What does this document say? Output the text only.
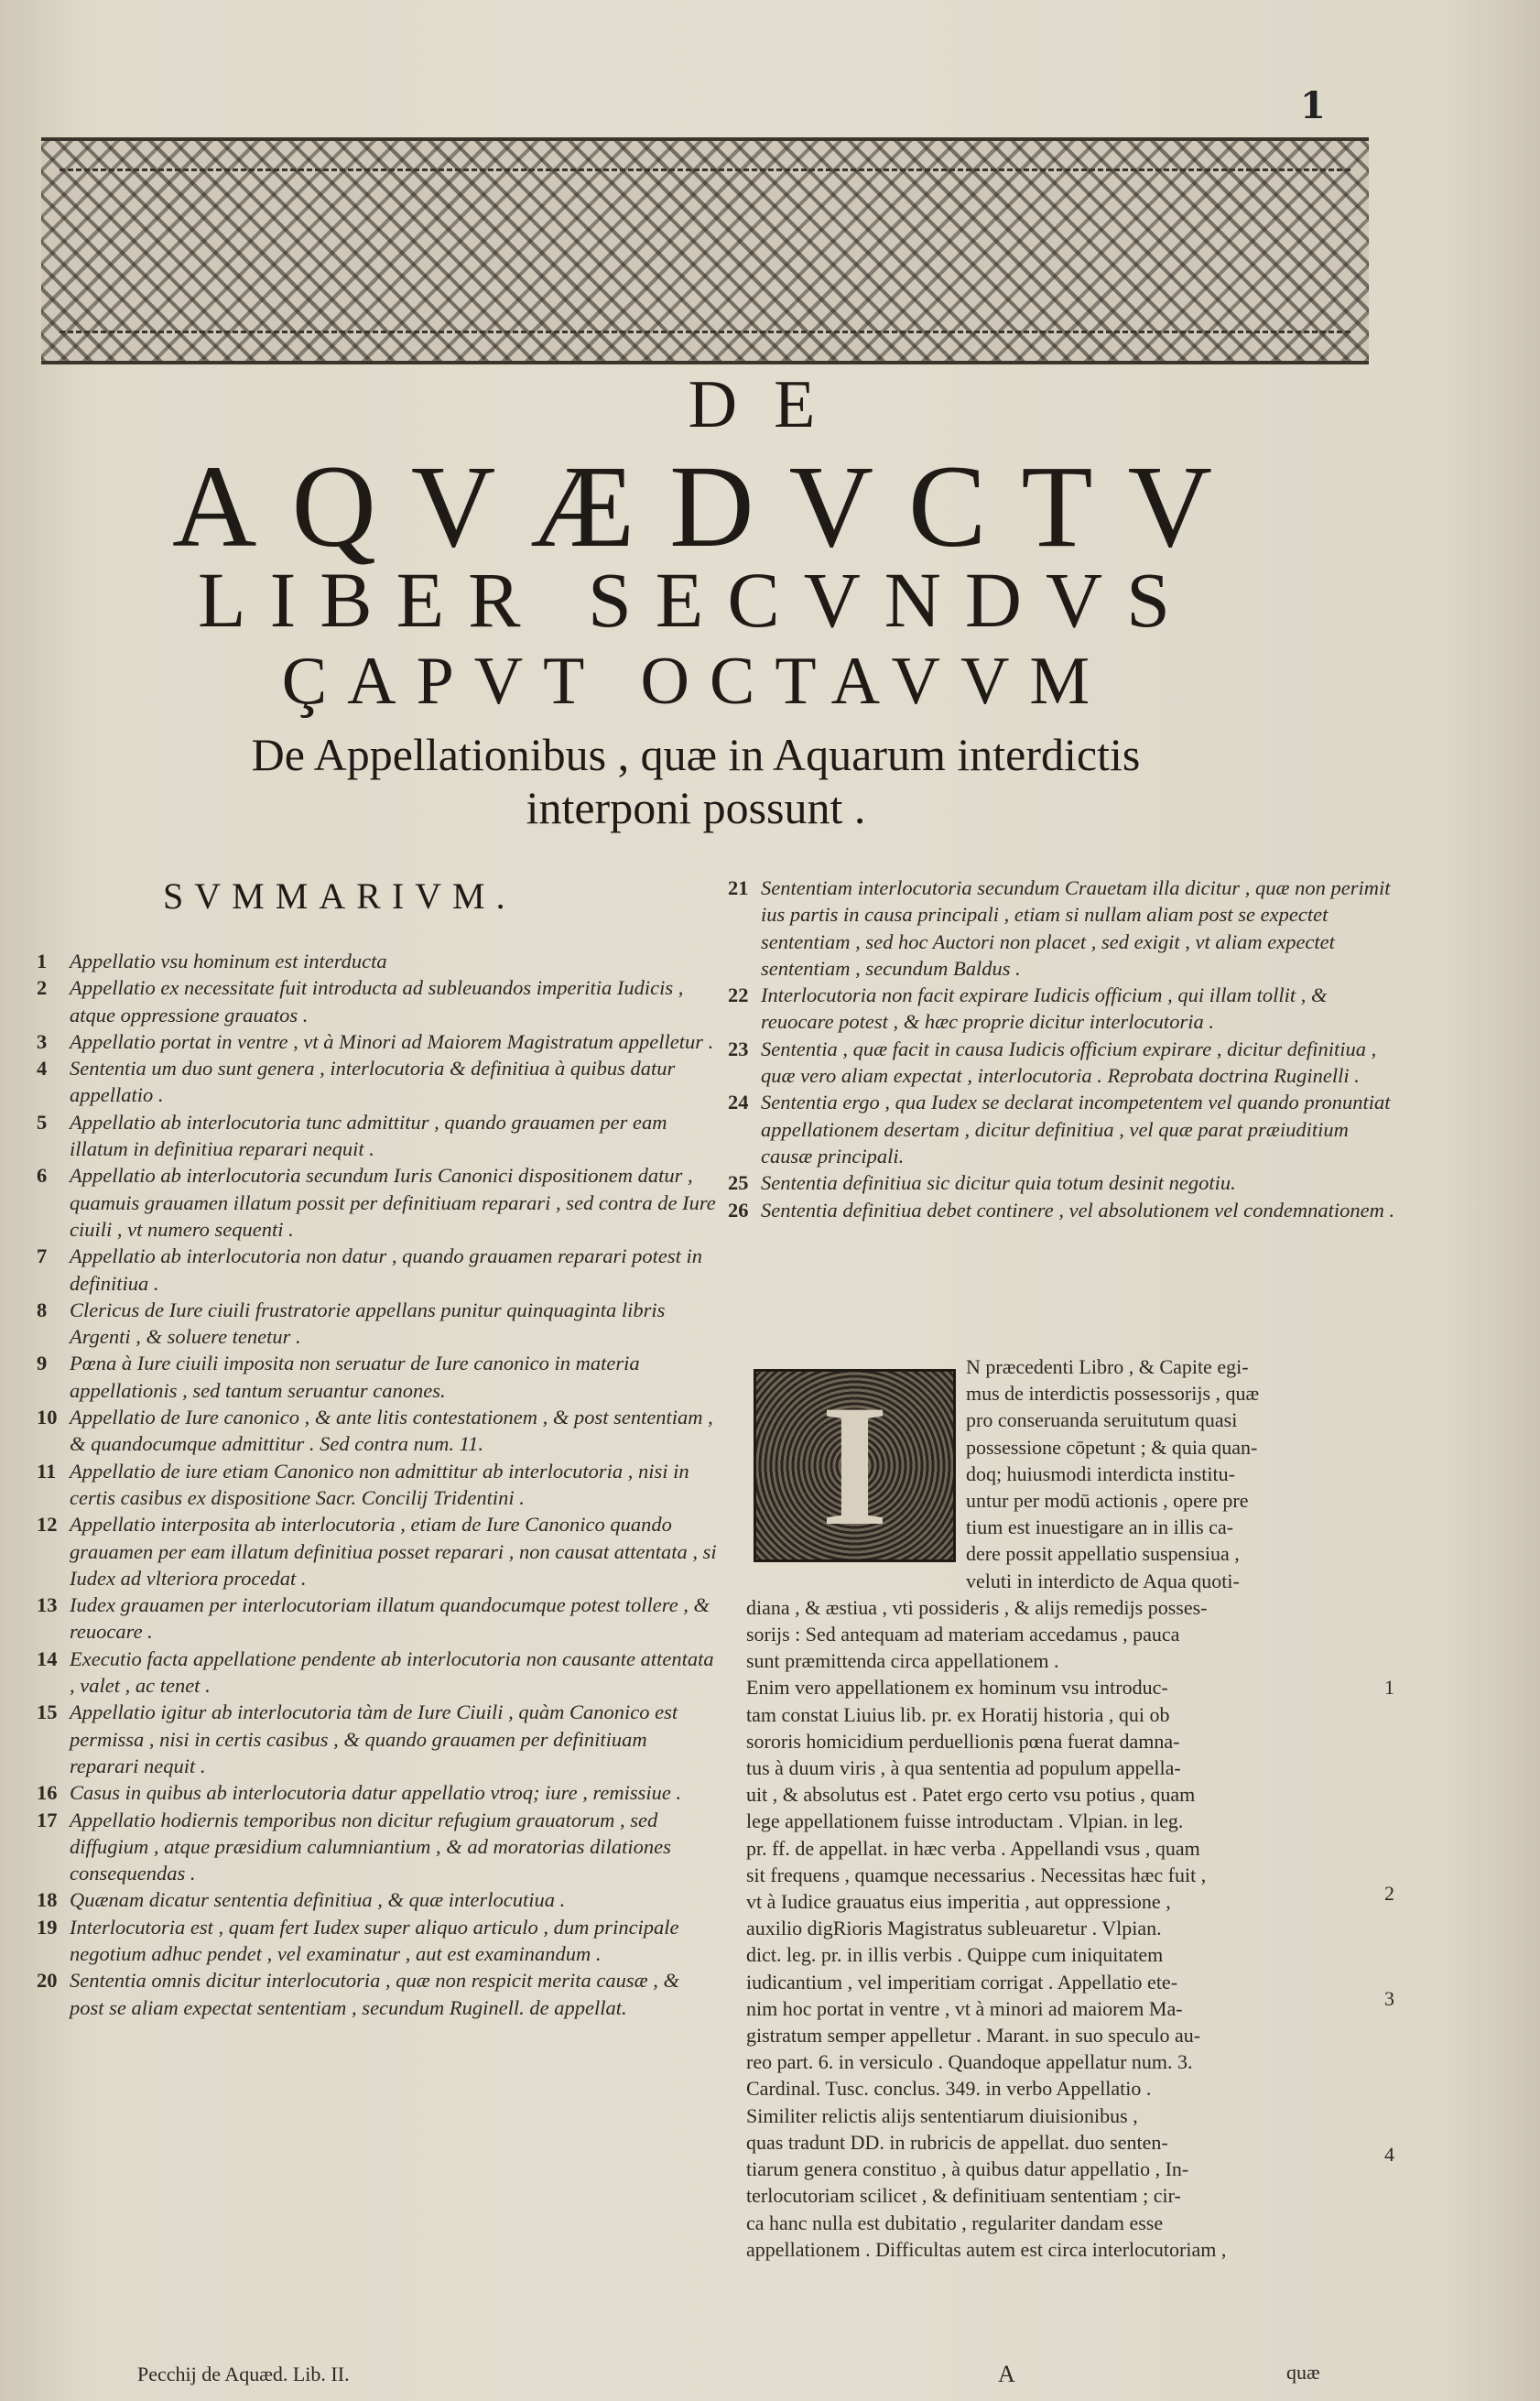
1
DE
AQVÆDVCTV
LIBER SECVNDVS
ÇAPVT OCTAVVM
De Appellationibus , quæ in Aquarum interdictis
interponi possunt .
SVMMARIVM.

1 Appellatio vsu hominum est interducta

2 Appellatio ex necessitate fuit introducta ad subleuandos imperitia Iudicis , atque oppressione grauatos .

3 Appellatio portat in ventre , vt à Minori ad Maiorem Magistratum appelletur .

4 Sententia um duo sunt genera , interlocutoria & definitiua à quibus datur appellatio .

5 Appellatio ab interlocutoria tunc admittitur , quando grauamen per eam illatum in definitiua reparari nequit .

6 Appellatio ab interlocutoria secundum Iuris Canonici dispositionem datur , quamuis grauamen illatum possit per definitiuam reparari , sed contra de Iure ciuili , vt numero sequenti .

7 Appellatio ab interlocutoria non datur , quando grauamen reparari potest in definitiua .

8 Clericus de Iure ciuili frustratorie appellans punitur quinquaginta libris Argenti , & soluere tenetur .

9 Pœna à Iure ciuili imposita non seruatur de Iure canonico in materia appellationis , sed tantum seruantur canones.

10 Appellatio de Iure canonico , & ante litis contestationem , & post sententiam , & quandocumque admittitur . Sed contra num. 11.

11 Appellatio de iure etiam Canonico non admittitur ab interlocutoria , nisi in certis casibus ex dispositione Sacr. Concilij Tridentini .

12 Appellatio interposita ab interlocutoria , etiam de Iure Canonico quando grauamen per eam illatum definitiua posset reparari , non causat attentata , si Iudex ad vlteriora procedat .

13 Iudex grauamen per interlocutoriam illatum quandocumque potest tollere , & reuocare .

14 Executio facta appellatione pendente ab interlocutoria non causante attentata , valet , ac tenet .

15 Appellatio igitur ab interlocutoria tàm de Iure Ciuili , quàm Canonico est permissa , nisi in certis casibus , & quando grauamen per definitiuam reparari nequit .

16 Casus in quibus ab interlocutoria datur appellatio vtroq; iure , remissiue .

17 Appellatio hodiernis temporibus non dicitur refugium grauatorum , sed diffugium , atque præsidium calumniantium , & ad moratorias dilationes consequendas .

18 Quænam dicatur sententia definitiua , & quæ interlocutiua .

19 Interlocutoria est , quam fert Iudex super aliquo articulo , dum principale negotium adhuc pendet , vel examinatur , aut est examinandum .

20 Sententia omnis dicitur interlocutoria , quæ non respicit merita causæ , & post se aliam expectat sententiam , secundum Ruginell. de appellat.

21 Sententiam interlocutoria secundum Crauetam illa dicitur , quæ non perimit ius partis in causa principali , etiam si nullam aliam post se expectet sententiam , sed hoc Auctori non placet , sed exigit , vt aliam expectet sententiam , secundum Baldus .

22 Interlocutoria non facit expirare Iudicis officium , qui illam tollit , & reuocare potest , & hæc proprie dicitur interlocutoria .

23 Sententia , quæ facit in causa Iudicis officium expirare , dicitur definitiua , quæ vero aliam expectat , interlocutoria . Reprobata doctrina Ruginelli .

24 Sententia ergo , qua Iudex se declarat incompetentem vel quando pronuntiat appellationem desertam , dicitur definitiua , vel quæ parat præiuditium causæ principali.

25 Sententia definitiua sic dicitur quia totum desinit negotiu.

26 Sententia definitiua debet continere , vel absolutionem vel condemnationem .

I
N præcedenti Libro , & Capite egi-
mus de interdictis possessorijs , quæ
pro conseruanda seruitutum quasi
possessione cōpetunt ; & quia quan-
doq; huiusmodi interdicta institu-
untur per modū actionis , opere pre
tium est inuestigare an in illis ca-
dere possit appellatio suspensiua ,
veluti in interdicto de Aqua quoti-
diana , & æstiua , vti possideris , & alijs remedijs posses-
sorijs : Sed antequam ad materiam accedamus , pauca
sunt præmittenda circa appellationem .
Enim vero appellationem ex hominum vsu introduc-
tam constat Liuius lib. pr. ex Horatij historia , qui ob
sororis homicidium perduellionis pœna fuerat damna-
tus à duum viris , à qua sententia ad populum appella-
uit , & absolutus est . Patet ergo certo vsu potius , quam
lege appellationem fuisse introductam . Vlpian. in leg.
pr. ff. de appellat. in hæc verba . Appellandi vsus , quam
sit frequens , quamque necessarius . Necessitas hæc fuit ,
vt à Iudice grauatus eius imperitia , aut oppressione ,
auxilio digRioris Magistratus subleuaretur . Vlpian.
dict. leg. pr. in illis verbis . Quippe cum iniquitatem
iudicantium , vel imperitiam corrigat . Appellatio ete-
nim hoc portat in ventre , vt à minori ad maiorem Ma-
gistratum semper appelletur . Marant. in suo speculo au-
reo part. 6. in versiculo . Quandoque appellatur num. 3.
Cardinal. Tusc. conclus. 349. in verbo Appellatio .
Similiter relictis alijs sententiarum diuisionibus ,
quas tradunt DD. in rubricis de appellat. duo senten-
tiarum genera constituo , à quibus datur appellatio , In-
terlocutoriam scilicet , & definitiuam sententiam ; cir-
ca hanc nulla est dubitatio , regulariter dandam esse
appellationem . Difficultas autem est circa interlocutoriam ,
1
2
3
4
Pecchij de Aquæd. Lib. II.	A	quæ
